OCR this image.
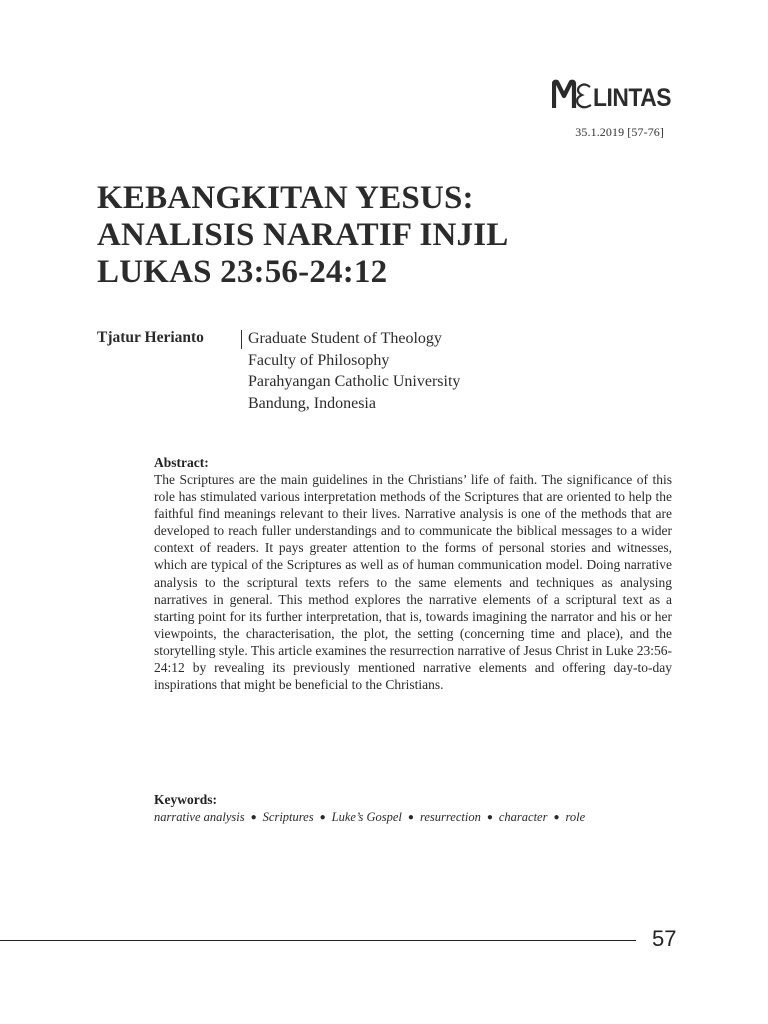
LINTAS
35.1.2019 [57-76]
KEBANGKITAN YESUS:
ANALISIS NARATIF INJIL
LUKAS 23:56-24:12
Tjatur Herianto	Graduate Student of Theology
Faculty of Philosophy
Parahyangan Catholic University
Bandung, Indonesia
Abstract:
The Scriptures are the main guidelines in the Christians’ life of faith. The significance of this role has stimulated various interpretation methods of the Scriptures that are oriented to help the faithful find meanings relevant to their lives. Narrative analysis is one of the methods that are developed to reach fuller understandings and to communicate the biblical messages to a wider context of readers. It pays greater attention to the forms of personal stories and witnesses, which are typical of the Scriptures as well as of human communication model. Doing narrative analysis to the scriptural texts refers to the same elements and techniques as analysing narratives in general. This method explores the narrative elements of a scriptural text as a starting point for its further interpretation, that is, towards imagining the narrator and his or her viewpoints, the characterisation, the plot, the setting (concerning time and place), and the storytelling style. This article examines the resurrection narrative of Jesus Christ in Luke 23:56-24:12 by revealing its previously mentioned narrative elements and offering day-to-day inspirations that might be beneficial to the Christians.
Keywords:
narrative analysis ● Scriptures ● Luke’s Gospel ● resurrection ● character ● role
57
